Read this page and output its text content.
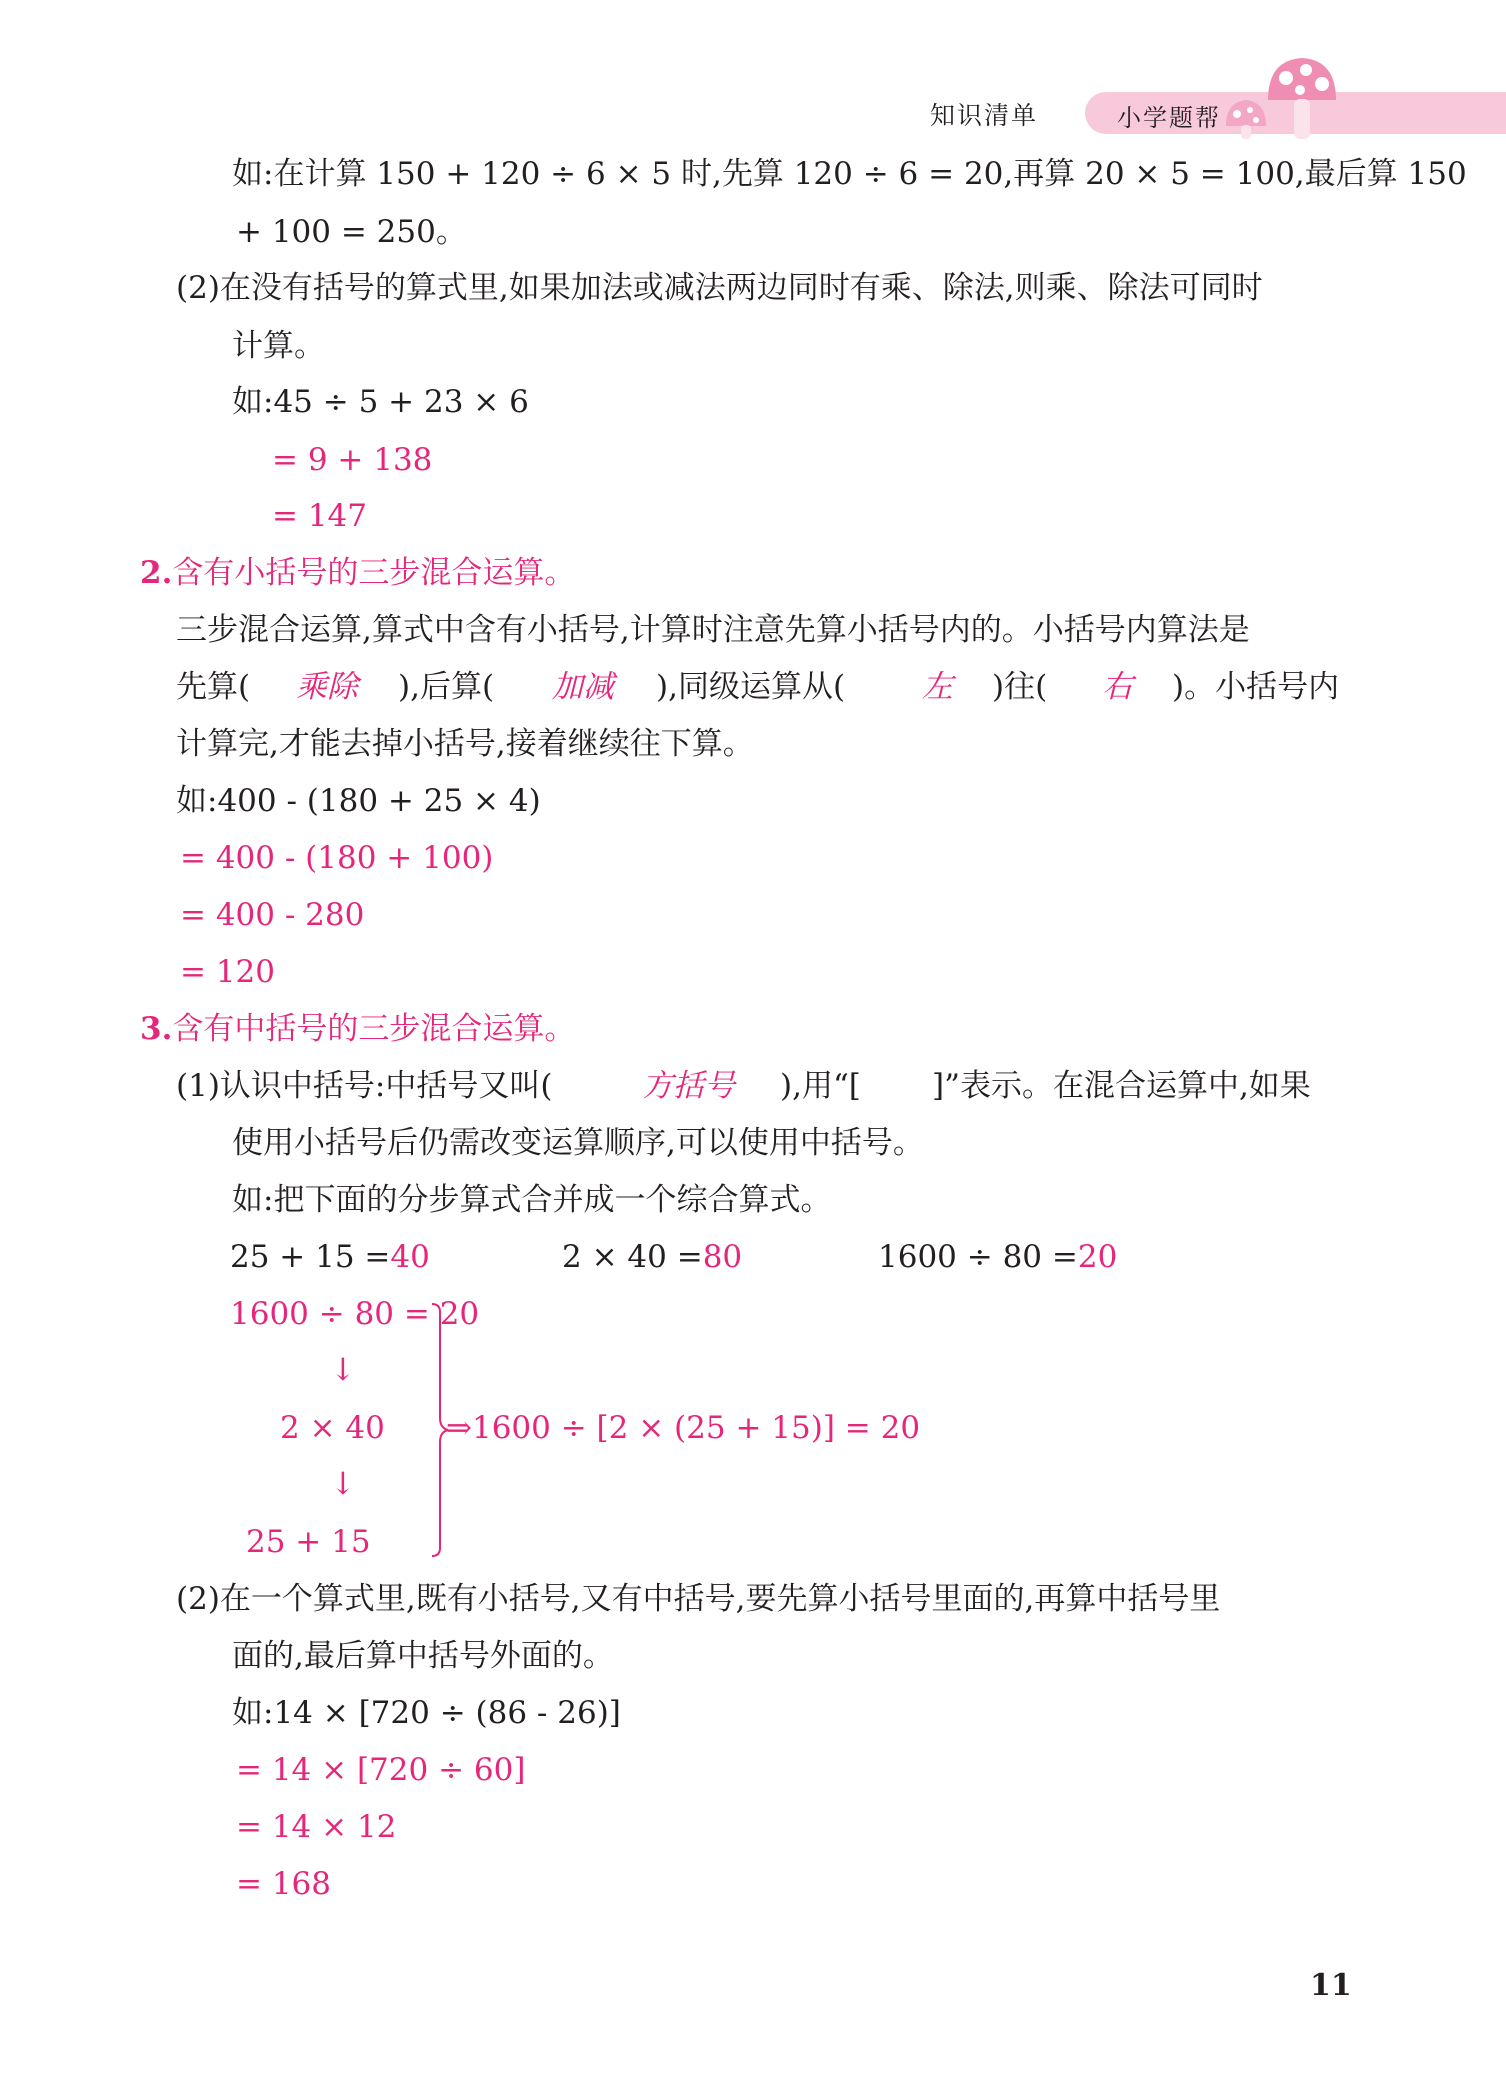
知识清单	小学题帮
如:在计算 150 + 120 ÷ 6 × 5 时,先算 120 ÷ 6 = 20,再算 20 × 5 = 100,最后算 150
+ 100 = 250。
(2)在没有括号的算式里,如果加法或减法两边同时有乘、除法,则乘、除法可同时
计算。
如:45 ÷ 5 + 23 × 6
= 9 + 138
= 147
2.含有小括号的三步混合运算。
三步混合运算,算式中含有小括号,计算时注意先算小括号内的。小括号内算法是
先算( 乘除 ),后算( 加减 ),同级运算从( 左 )往( 右 )。小括号内
计算完,才能去掉小括号,接着继续往下算。
如:400 - (180 + 25 × 4)
= 400 - (180 + 100)
= 400 - 280
= 120
3.含有中括号的三步混合运算。
(1)认识中括号:中括号又叫(	方括号 ),用“[ ]”表示。在混合运算中,如果
使用小括号后仍需改变运算顺序,可以使用中括号。
如:把下面的分步算式合并成一个综合算式。
25 + 15 =40	2 × 40 =80	1600 ÷ 80 =20
1600 ÷ 80 = 20
↓
2 × 40
↓
25 + 15
⇒1600 ÷ [2 × (25 + 15)] = 20
(2)在一个算式里,既有小括号,又有中括号,要先算小括号里面的,再算中括号里
面的,最后算中括号外面的。
如:14 × [720 ÷ (86 - 26)]
= 14 × [720 ÷ 60]
= 14 × 12
= 168
11
